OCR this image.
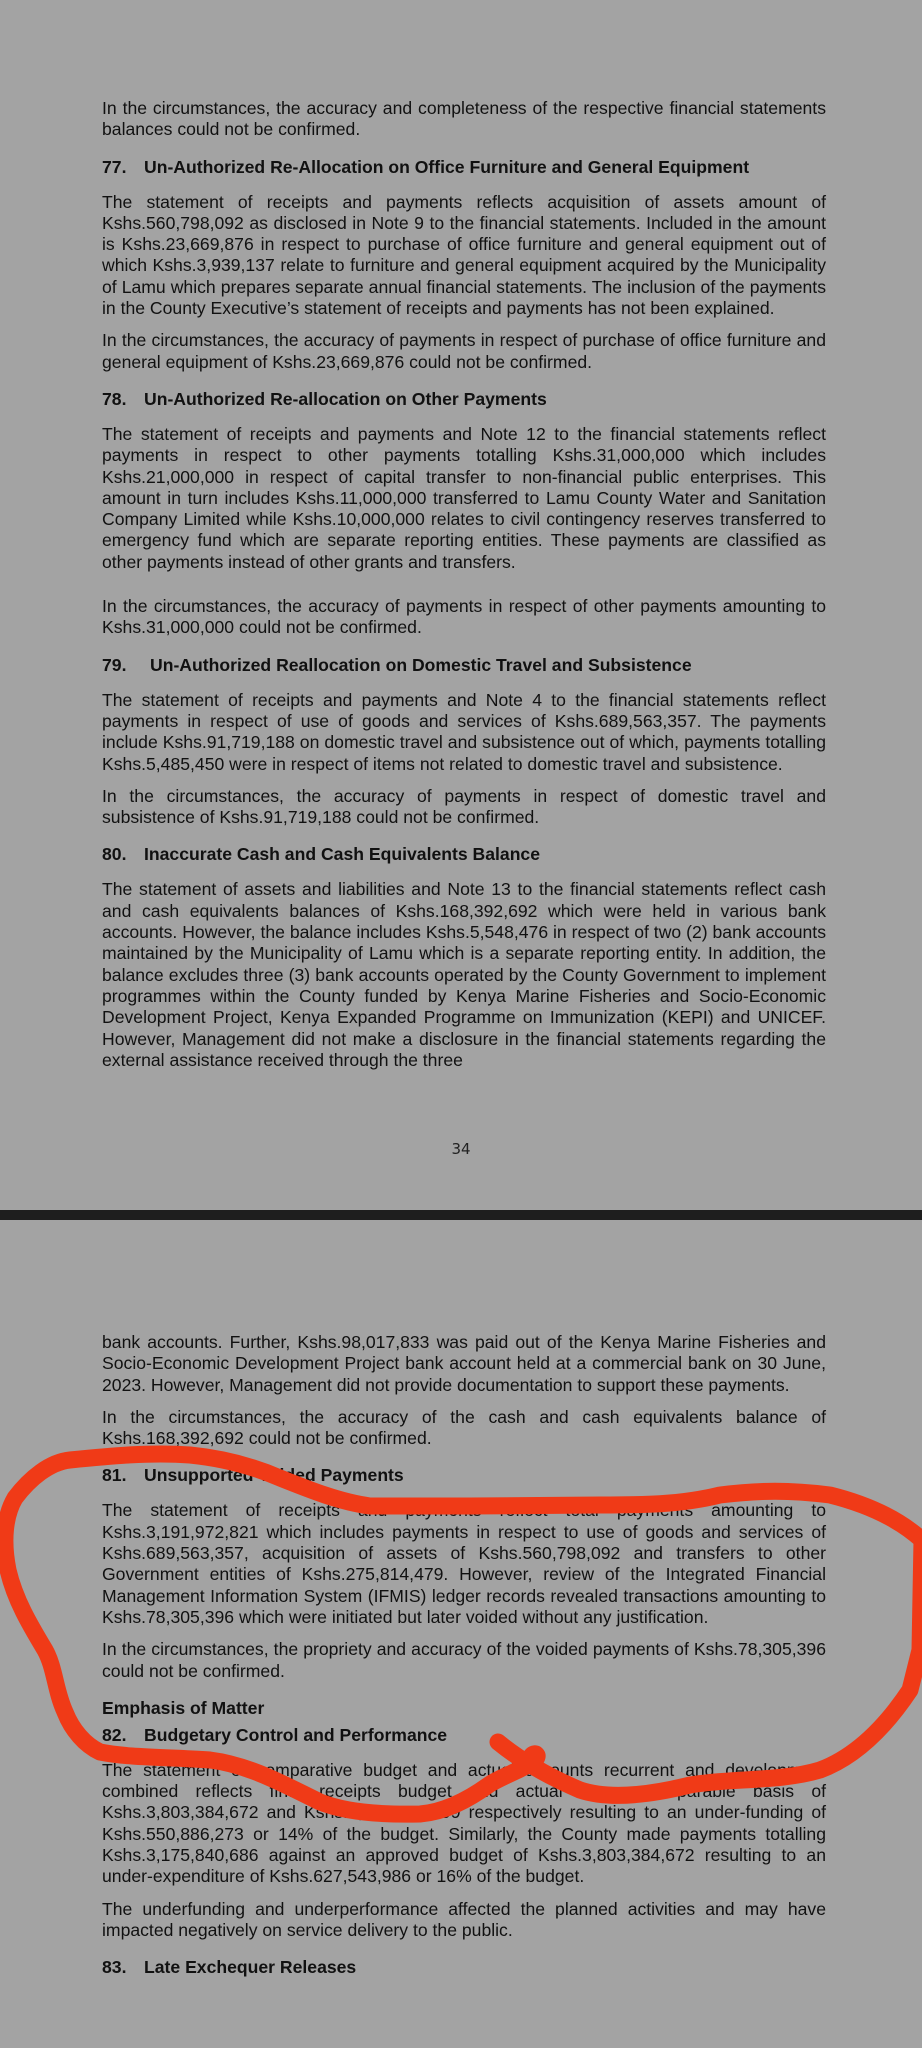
In the circumstances, the accuracy and completeness of the respective financial statements balances could not be confirmed.

77. Un-Authorized Re-Allocation on Office Furniture and General Equipment

The statement of receipts and payments reflects acquisition of assets amount of Kshs.560,798,092 as disclosed in Note 9 to the financial statements. Included in the amount is Kshs.23,669,876 in respect to purchase of office furniture and general equipment out of which Kshs.3,939,137 relate to furniture and general equipment acquired by the Municipality of Lamu which prepares separate annual financial statements. The inclusion of the payments in the County Executive’s statement of receipts and payments has not been explained.

In the circumstances, the accuracy of payments in respect of purchase of office furniture and general equipment of Kshs.23,669,876 could not be confirmed.

78. Un-Authorized Re-allocation on Other Payments

The statement of receipts and payments and Note 12 to the financial statements reflect payments in respect to other payments totalling Kshs.31,000,000 which includes Kshs.21,000,000 in respect of capital transfer to non-financial public enterprises. This amount in turn includes Kshs.11,000,000 transferred to Lamu County Water and Sanitation Company Limited while Kshs.10,000,000 relates to civil contingency reserves transferred to emergency fund which are separate reporting entities. These payments are classified as other payments instead of other grants and transfers.

In the circumstances, the accuracy of payments in respect of other payments amounting to Kshs.31,000,000 could not be confirmed.

79. Un-Authorized Reallocation on Domestic Travel and Subsistence

The statement of receipts and payments and Note 4 to the financial statements reflect payments in respect of use of goods and services of Kshs.689,563,357. The payments include Kshs.91,719,188 on domestic travel and subsistence out of which, payments totalling Kshs.5,485,450 were in respect of items not related to domestic travel and subsistence.

In the circumstances, the accuracy of payments in respect of domestic travel and subsistence of Kshs.91,719,188 could not be confirmed.

80. Inaccurate Cash and Cash Equivalents Balance

The statement of assets and liabilities and Note 13 to the financial statements reflect cash and cash equivalents balances of Kshs.168,392,692 which were held in various bank accounts. However, the balance includes Kshs.5,548,476 in respect of two (2) bank accounts maintained by the Municipality of Lamu which is a separate reporting entity. In addition, the balance excludes three (3) bank accounts operated by the County Government to implement programmes within the County funded by Kenya Marine Fisheries and Socio-Economic Development Project, Kenya Expanded Programme on Immunization (KEPI) and UNICEF. However, Management did not make a disclosure in the financial statements regarding the external assistance received through the three

34

bank accounts. Further, Kshs.98,017,833 was paid out of the Kenya Marine Fisheries and Socio-Economic Development Project bank account held at a commercial bank on 30 June, 2023. However, Management did not provide documentation to support these payments.

In the circumstances, the accuracy of the cash and cash equivalents balance of Kshs.168,392,692 could not be confirmed.

81. Unsupported Voided Payments

The statement of receipts and payments reflect total payments amounting to Kshs.3,191,972,821 which includes payments in respect to use of goods and services of Kshs.689,563,357, acquisition of assets of Kshs.560,798,092 and transfers to other Government entities of Kshs.275,814,479. However, review of the Integrated Financial Management Information System (IFMIS) ledger records revealed transactions amounting to Kshs.78,305,396 which were initiated but later voided without any justification.

In the circumstances, the propriety and accuracy of the voided payments of Kshs.78,305,396 could not be confirmed.

Emphasis of Matter
82. Budgetary Control and Performance

The statement of comparative budget and actual amounts recurrent and development combined reflects final receipts budget and actual on a comparable basis of Kshs.3,803,384,672 and Kshs.3,252,498,399 respectively resulting to an under-funding of Kshs.550,886,273 or 14% of the budget. Similarly, the County made payments totalling Kshs.3,175,840,686 against an approved budget of Kshs.3,803,384,672 resulting to an under-expenditure of Kshs.627,543,986 or 16% of the budget.

The underfunding and underperformance affected the planned activities and may have impacted negatively on service delivery to the public.

83. Late Exchequer Releases
